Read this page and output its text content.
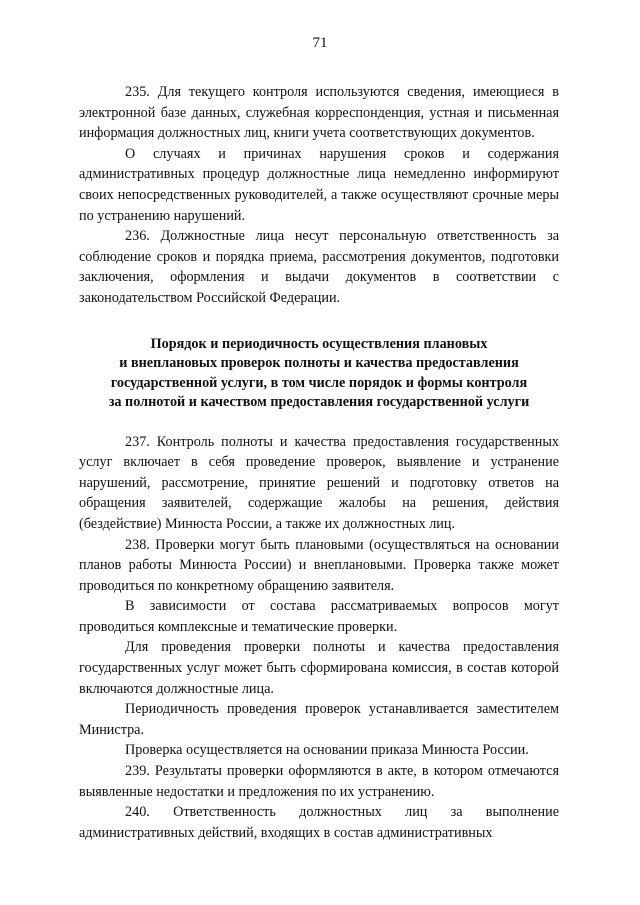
71

235. Для текущего контроля используются сведения, имеющиеся в электронной базе данных, служебная корреспонденция, устная и письменная информация должностных лиц, книги учета соответствующих документов.

О случаях и причинах нарушения сроков и содержания административных процедур должностные лица немедленно информируют своих непосредственных руководителей, а также осуществляют срочные меры по устранению нарушений.

236. Должностные лица несут персональную ответственность за соблюдение сроков и порядка приема, рассмотрения документов, подготовки заключения, оформления и выдачи документов в соответствии с законодательством Российской Федерации.

Порядок и периодичность осуществления плановых
и внеплановых проверок полноты и качества предоставления
государственной услуги, в том числе порядок и формы контроля
за полнотой и качеством предоставления государственной услуги

237. Контроль полноты и качества предоставления государственных услуг включает в себя проведение проверок, выявление и устранение нарушений, рассмотрение, принятие решений и подготовку ответов на обращения заявителей, содержащие жалобы на решения, действия (бездействие) Минюста России, а также их должностных лиц.

238. Проверки могут быть плановыми (осуществляться на основании планов работы Минюста России) и внеплановыми. Проверка также может проводиться по конкретному обращению заявителя.

В зависимости от состава рассматриваемых вопросов могут проводиться комплексные и тематические проверки.

Для проведения проверки полноты и качества предоставления государственных услуг может быть сформирована комиссия, в состав которой включаются должностные лица.

Периодичность проведения проверок устанавливается заместителем Министра.

Проверка осуществляется на основании приказа Минюста России.

239. Результаты проверки оформляются в акте, в котором отмечаются выявленные недостатки и предложения по их устранению.

240. Ответственность должностных лиц за выполнение административных действий, входящих в состав административных
